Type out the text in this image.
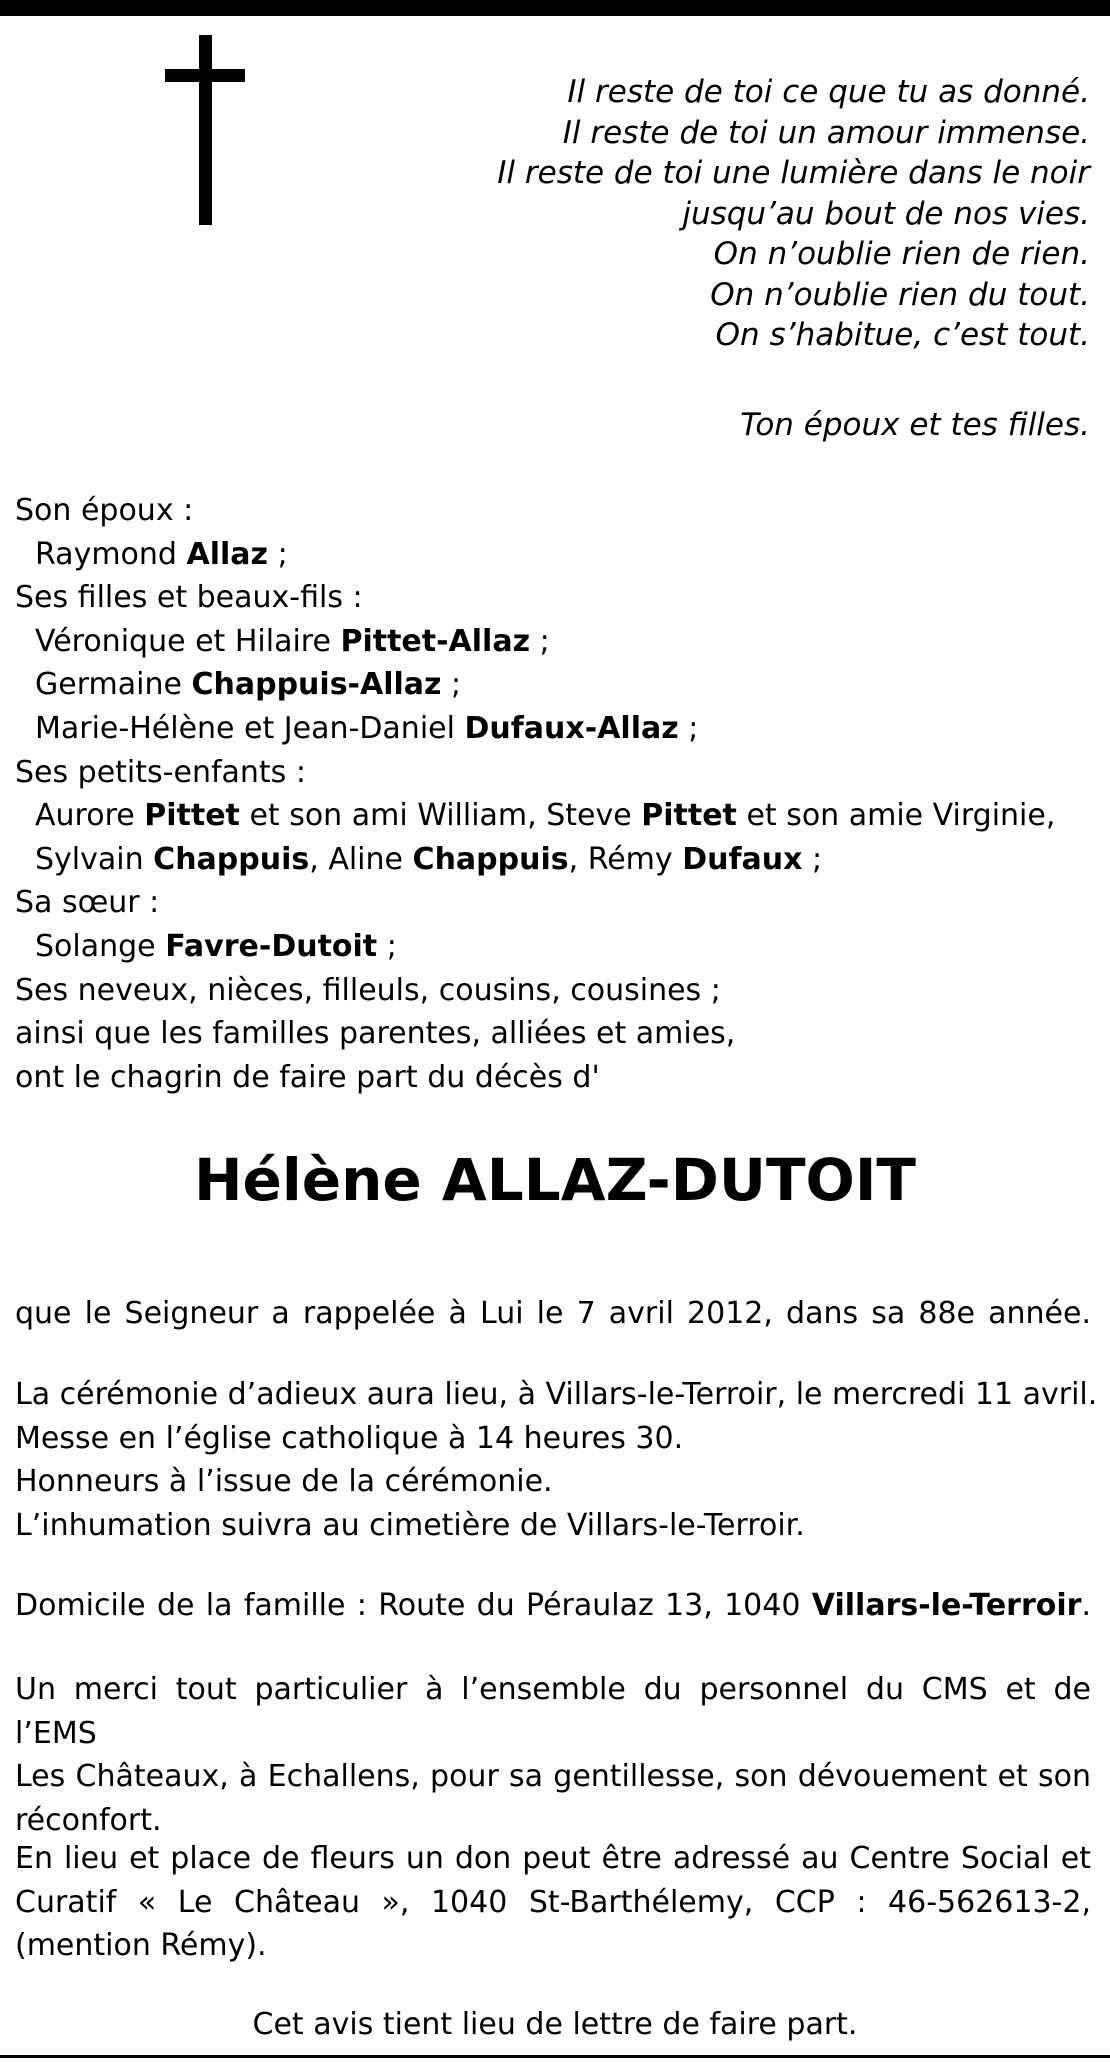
Il reste de toi ce que tu as donné.
Il reste de toi un amour immense.
Il reste de toi une lumière dans le noir
jusqu’au bout de nos vies.
On n’oublie rien de rien.
On n’oublie rien du tout.
On s’habitue, c’est tout.
Ton époux et tes filles.
Son époux :
Raymond Allaz ;
Ses filles et beaux-fils :
Véronique et Hilaire Pittet-Allaz ;
Germaine Chappuis-Allaz ;
Marie-Hélène et Jean-Daniel Dufaux-Allaz ;
Ses petits-enfants :
Aurore Pittet et son ami William, Steve Pittet et son amie Virginie,
Sylvain Chappuis, Aline Chappuis, Rémy Dufaux ;
Sa sœur :
Solange Favre-Dutoit ;
Ses neveux, nièces, filleuls, cousins, cousines ;
ainsi que les familles parentes, alliées et amies,
ont le chagrin de faire part du décès d'
Hélène ALLAZ-DUTOIT
que le Seigneur a rappelée à Lui le 7 avril 2012, dans sa 88e année.
La cérémonie d’adieux aura lieu, à Villars-le-Terroir, le mercredi 11 avril.
Messe en l’église catholique à 14 heures 30.
Honneurs à l’issue de la cérémonie.
L’inhumation suivra au cimetière de Villars-le-Terroir.
Domicile de la famille : Route du Péraulaz 13, 1040 Villars-le-Terroir.
Un merci tout particulier à l’ensemble du personnel du CMS et de l’EMS
Les Châteaux, à Echallens, pour sa gentillesse, son dévouement et son
réconfort.
En lieu et place de fleurs un don peut être adressé au Centre Social et
Curatif « Le Château », 1040 St-Barthélemy, CCP : 46-562613-2,
(mention Rémy).
Cet avis tient lieu de lettre de faire part.
